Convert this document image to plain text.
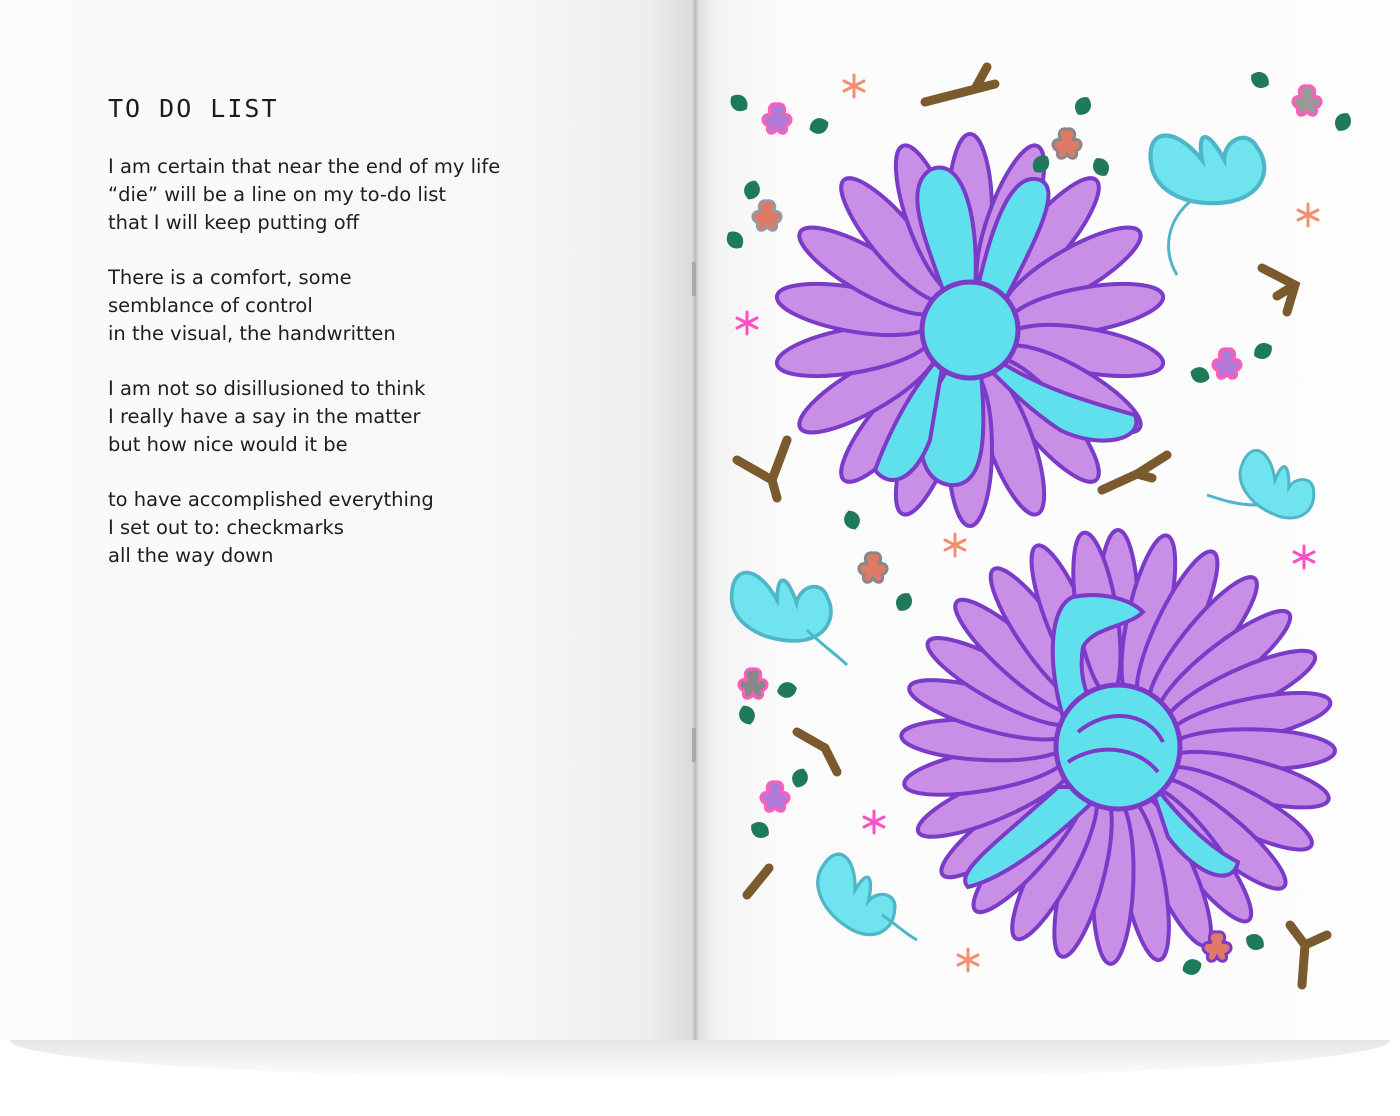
TO DO LIST
I am certain that near the end of my life
“die” will be a line on my to-do list
that I will keep putting off
There is a comfort, some
semblance of control
in the visual, the handwritten
I am not so disillusioned to think
I really have a say in the matter
but how nice would it be
to have accomplished everything
I set out to: checkmarks
all the way down
